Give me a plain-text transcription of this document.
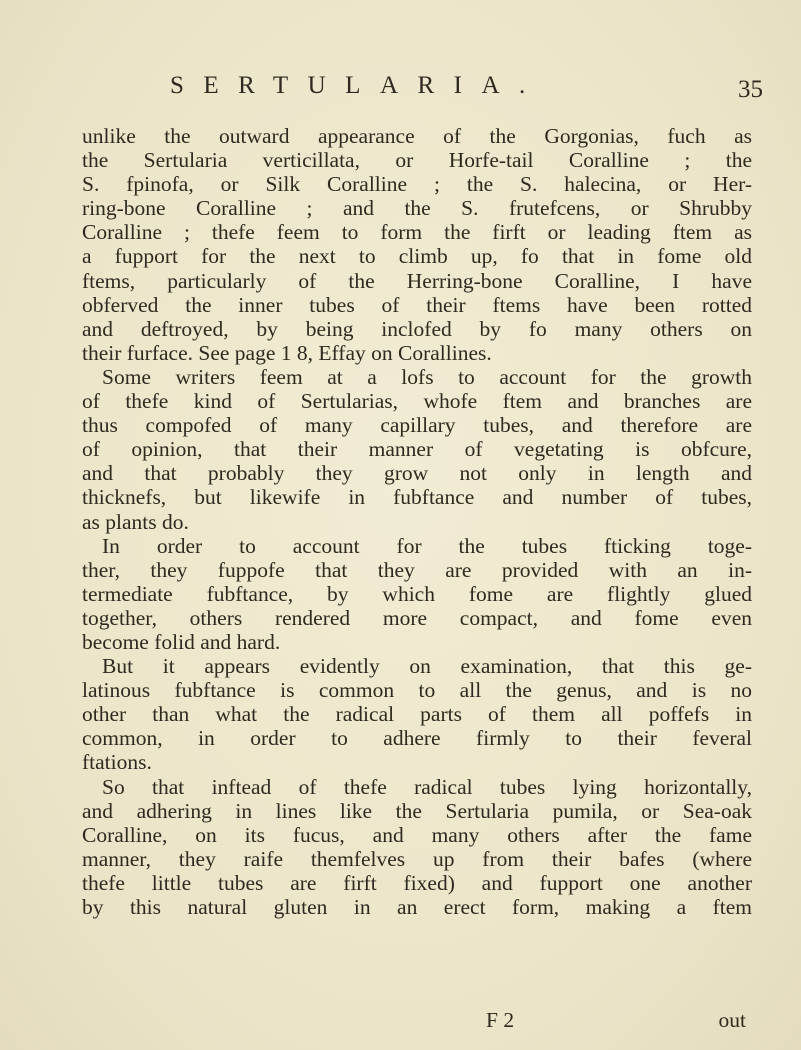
SERTULARIA.	35
unlike the outward appearance of the Gorgonias, fuch as
the Sertularia verticillata, or Horfe-tail Coralline ; the
S. fpinofa, or Silk Coralline ; the S. halecina, or Her-
ring-bone Coralline ; and the S. frutefcens, or Shrubby
Coralline ; thefe feem to form the firft or leading ftem as
a fupport for the next to climb up, fo that in fome old
ftems, particularly of the Herring-bone Coralline, I have
obferved the inner tubes of their ftems have been rotted
and deftroyed, by being inclofed by fo many others on
their furface. See page 1 8, Effay on Corallines.
Some writers feem at a lofs to account for the growth
of thefe kind of Sertularias, whofe ftem and branches are
thus compofed of many capillary tubes, and therefore are
of opinion, that their manner of vegetating is obfcure,
and that probably they grow not only in length and
thicknefs, but likewife in fubftance and number of tubes,
as plants do.
In order to account for the tubes fticking toge-
ther, they fuppofe that they are provided with an in-
termediate fubftance, by which fome are flightly glued
together, others rendered more compact, and fome even
become folid and hard.
But it appears evidently on examination, that this ge-
latinous fubftance is common to all the genus, and is no
other than what the radical parts of them all poffefs in
common, in order to adhere firmly to their feveral
ftations.
So that inftead of thefe radical tubes lying horizontally,
and adhering in lines like the Sertularia pumila, or Sea-oak
Coralline, on its fucus, and many others after the fame
manner, they raife themfelves up from their bafes (where
thefe little tubes are firft fixed) and fupport one another
by this natural gluten in an erect form, making a ftem
F 2	out
